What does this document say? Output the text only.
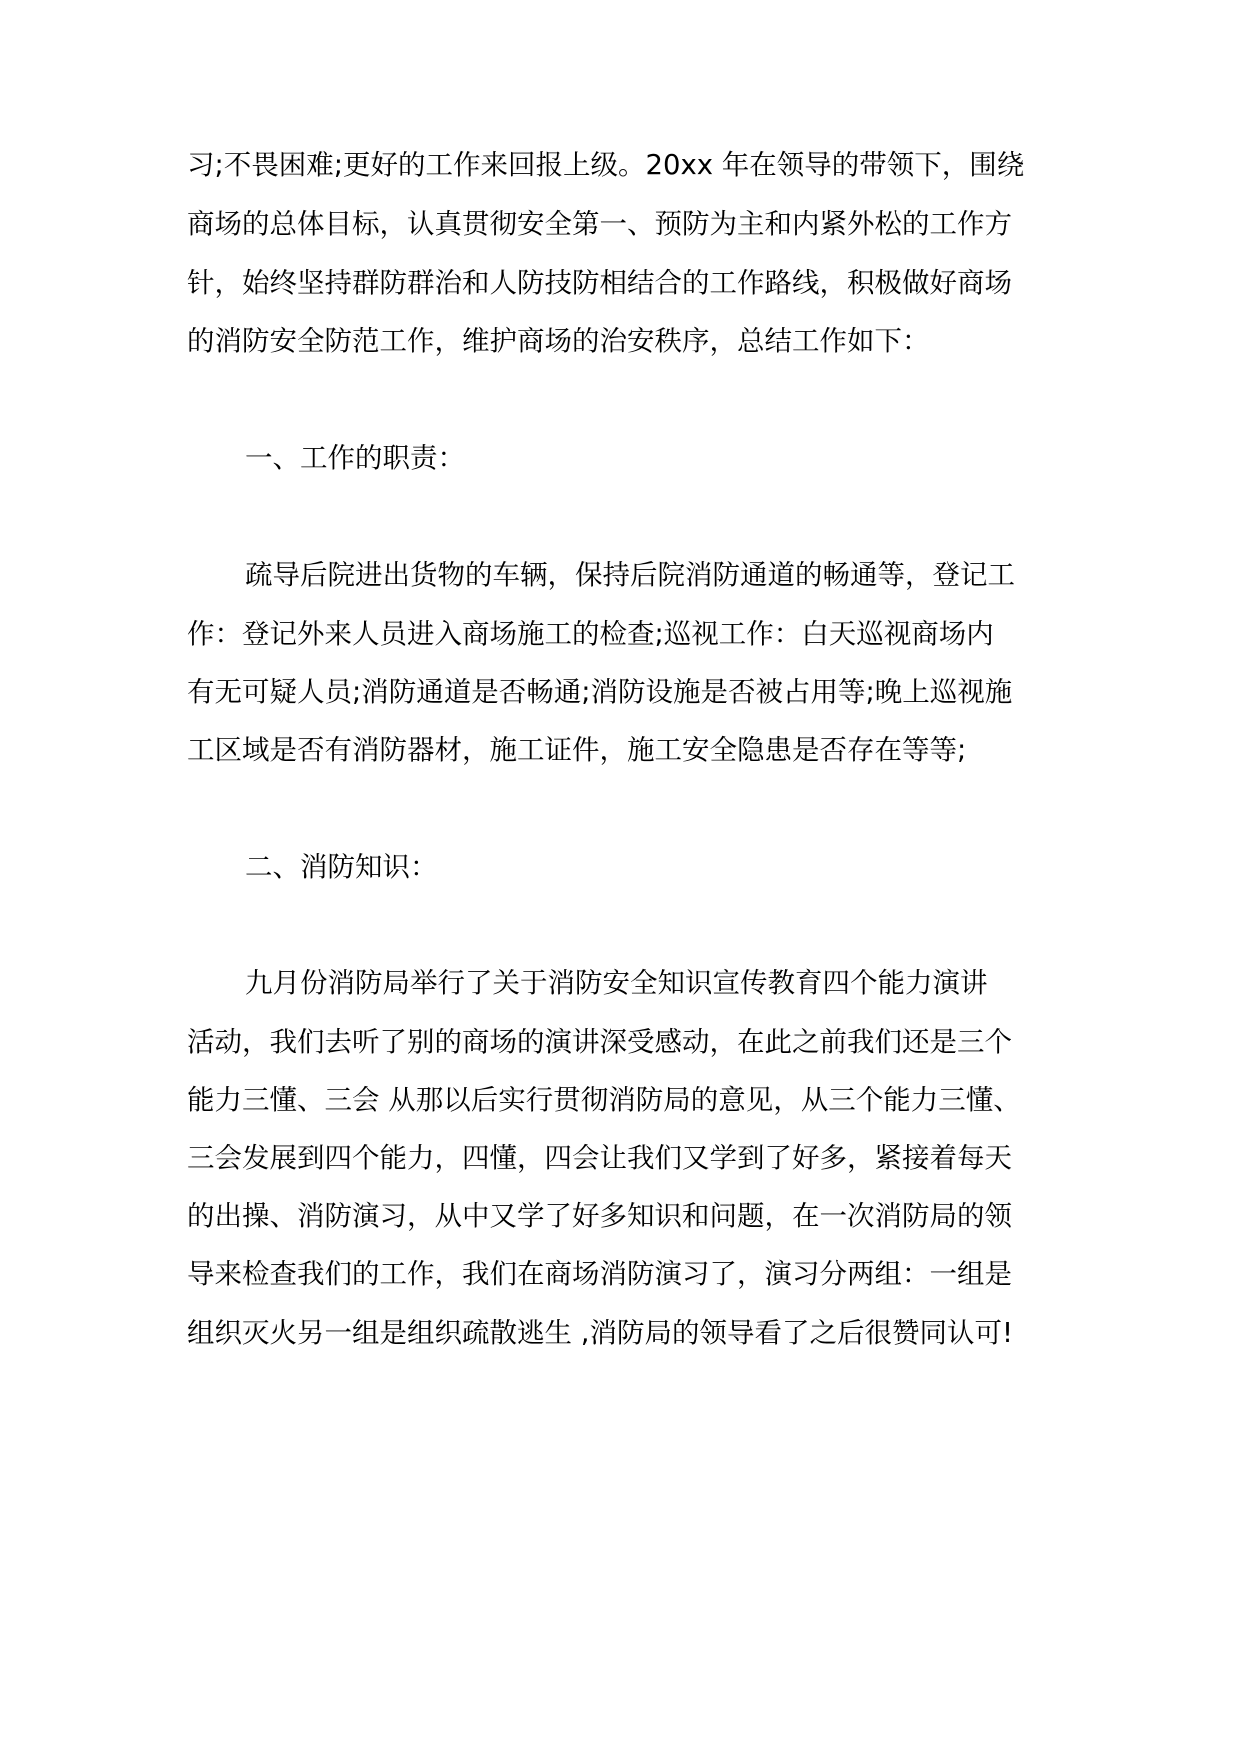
习;不畏困难;更好的工作来回报上级。20xx 年在领导的带领下，围绕
商场的总体目标，认真贯彻安全第一、预防为主和内紧外松的工作方
针，始终坚持群防群治和人防技防相结合的工作路线，积极做好商场
的消防安全防范工作，维护商场的治安秩序，总结工作如下：
一、工作的职责：
疏导后院进出货物的车辆，保持后院消防通道的畅通等，登记工
作：登记外来人员进入商场施工的检查;巡视工作：白天巡视商场内
有无可疑人员;消防通道是否畅通;消防设施是否被占用等;晚上巡视施
工区域是否有消防器材，施工证件，施工安全隐患是否存在等等;
二、消防知识：
九月份消防局举行了关于消防安全知识宣传教育四个能力演讲
活动，我们去听了别的商场的演讲深受感动，在此之前我们还是三个
能力三懂、三会 从那以后实行贯彻消防局的意见，从三个能力三懂、
三会发展到四个能力，四懂，四会让我们又学到了好多，紧接着每天
的出操、消防演习，从中又学了好多知识和问题，在一次消防局的领
导来检查我们的工作，我们在商场消防演习了，演习分两组：一组是
组织灭火另一组是组织疏散逃生 ,消防局的领导看了之后很赞同认可!
